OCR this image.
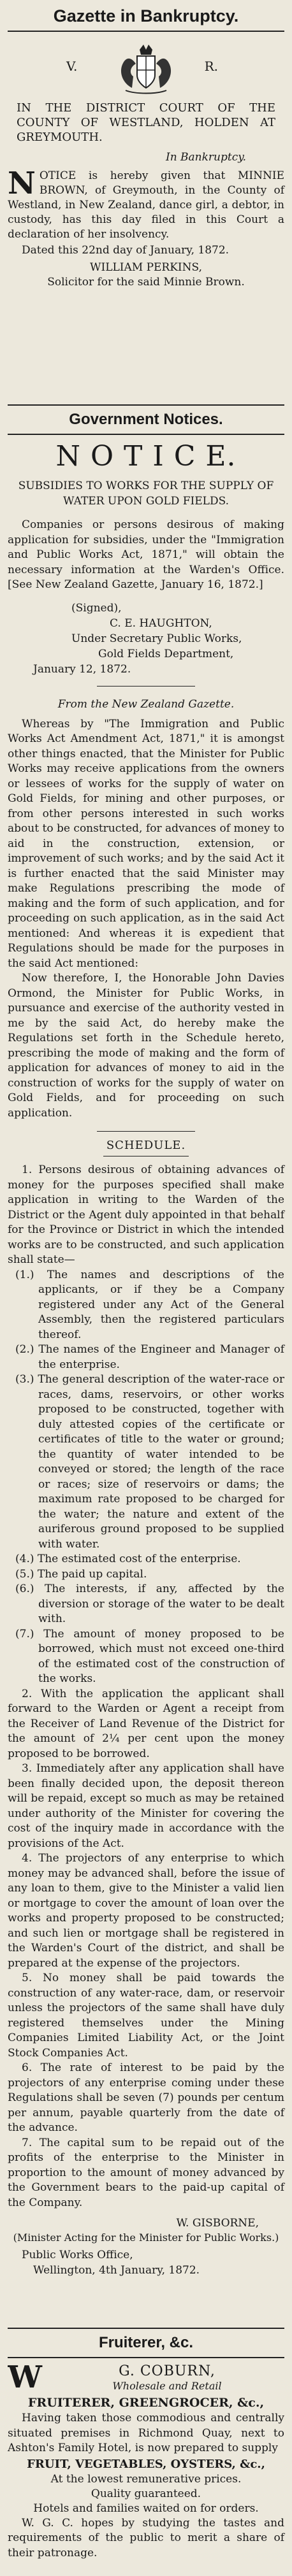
Gazette in Bankruptcy.

V.	R.

IN THE DISTRICT COURT OF THE COUNTY OF WESTLAND, HOLDEN AT GREYMOUTH.

In Bankruptcy.

N OTICE is hereby given that MINNIE BROWN, of Greymouth, in the County of Westland, in New Zealand, dance girl, a debtor, in custody, has this day filed in this Court a declaration of her insolvency.

Dated this 22nd day of January, 1872.

WILLIAM PERKINS,

Solicitor for the said Minnie Brown.

Government Notices.

N O T I C E.

SUBSIDIES TO WORKS FOR THE SUPPLY OF WATER UPON GOLD FIELDS.

Companies or persons desirous of making application for subsidies, under the "Immigration and Public Works Act, 1871," will obtain the necessary information at the Warden's Office. [See New Zealand Gazette, January 16, 1872.]

(Signed),

C. E. HAUGHTON,

Under Secretary Public Works,

Gold Fields Department,

January 12, 1872.

From the New Zealand Gazette.

Whereas by "The Immigration and Public Works Act Amendment Act, 1871," it is amongst other things enacted, that the Minister for Public Works may receive applications from the owners or lessees of works for the supply of water on Gold Fields, for mining and other purposes, or from other persons interested in such works about to be constructed, for advances of money to aid in the construction, extension, or improvement of such works; and by the said Act it is further enacted that the said Minister may make Regulations prescribing the mode of making and the form of such application, and for proceeding on such application, as in the said Act mentioned: And whereas it is expedient that Regulations should be made for the purposes in the said Act mentioned:

Now therefore, I, the Honorable John Davies Ormond, the Minister for Public Works, in pursuance and exercise of the authority vested in me by the said Act, do hereby make the Regulations set forth in the Schedule hereto, prescribing the mode of making and the form of application for advances of money to aid in the construction of works for the supply of water on Gold Fields, and for proceeding on such application.

SCHEDULE.

1. Persons desirous of obtaining advances of money for the purposes specified shall make application in writing to the Warden of the District or the Agent duly appointed in that behalf for the Province or District in which the intended works are to be constructed, and such application shall state—

(1.) The names and descriptions of the applicants, or if they be a Company registered under any Act of the General Assembly, then the registered particulars thereof.

(2.) The names of the Engineer and Manager of the enterprise.

(3.) The general description of the water-race or races, dams, reservoirs, or other works proposed to be constructed, together with duly attested copies of the certificate or certificates of title to the water or ground; the quantity of water intended to be conveyed or stored; the length of the race or races; size of reservoirs or dams; the maximum rate proposed to be charged for the water; the nature and extent of the auriferous ground proposed to be supplied with water.

(4.) The estimated cost of the enterprise.

(5.) The paid up capital.

(6.) The interests, if any, affected by the diversion or storage of the water to be dealt with.

(7.) The amount of money proposed to be borrowed, which must not exceed one-third of the estimated cost of the construction of the works.

2. With the application the applicant shall forward to the Warden or Agent a receipt from the Receiver of Land Revenue of the District for the amount of 2¼ per cent upon the money proposed to be borrowed.

3. Immediately after any application shall have been finally decided upon, the deposit thereon will be repaid, except so much as may be retained under authority of the Minister for covering the cost of the inquiry made in accordance with the provisions of the Act.

4. The projectors of any enterprise to which money may be advanced shall, before the issue of any loan to them, give to the Minister a valid lien or mortgage to cover the amount of loan over the works and property proposed to be constructed; and such lien or mortgage shall be registered in the Warden's Court of the district, and shall be prepared at the expense of the projectors.

5. No money shall be paid towards the construction of any water-race, dam, or reservoir unless the projectors of the same shall have duly registered themselves under the Mining Companies Limited Liability Act, or the Joint Stock Companies Act.

6. The rate of interest to be paid by the projectors of any enterprise coming under these Regulations shall be seven (7) pounds per centum per annum, payable quarterly from the date of the advance.

7. The capital sum to be repaid out of the profits of the enterprise to the Minister in proportion to the amount of money advanced by the Government bears to the paid-up capital of the Company.

W. GISBORNE,

(Minister Acting for the Minister for Public Works.)

Public Works Office,

Wellington, 4th January, 1872.

Fruiterer, &c.

W	G. COBURN,

Wholesale and Retail

FRUITERER, GREENGROCER, &c.,

Having taken those commodious and centrally situated premises in Richmond Quay, next to Ashton's Family Hotel, is now prepared to supply

FRUIT, VEGETABLES, OYSTERS, &c.,

At the lowest remunerative prices.

Quality guaranteed.

Hotels and families waited on for orders.

W. G. C. hopes by studying the tastes and requirements of the public to merit a share of their patronage.
